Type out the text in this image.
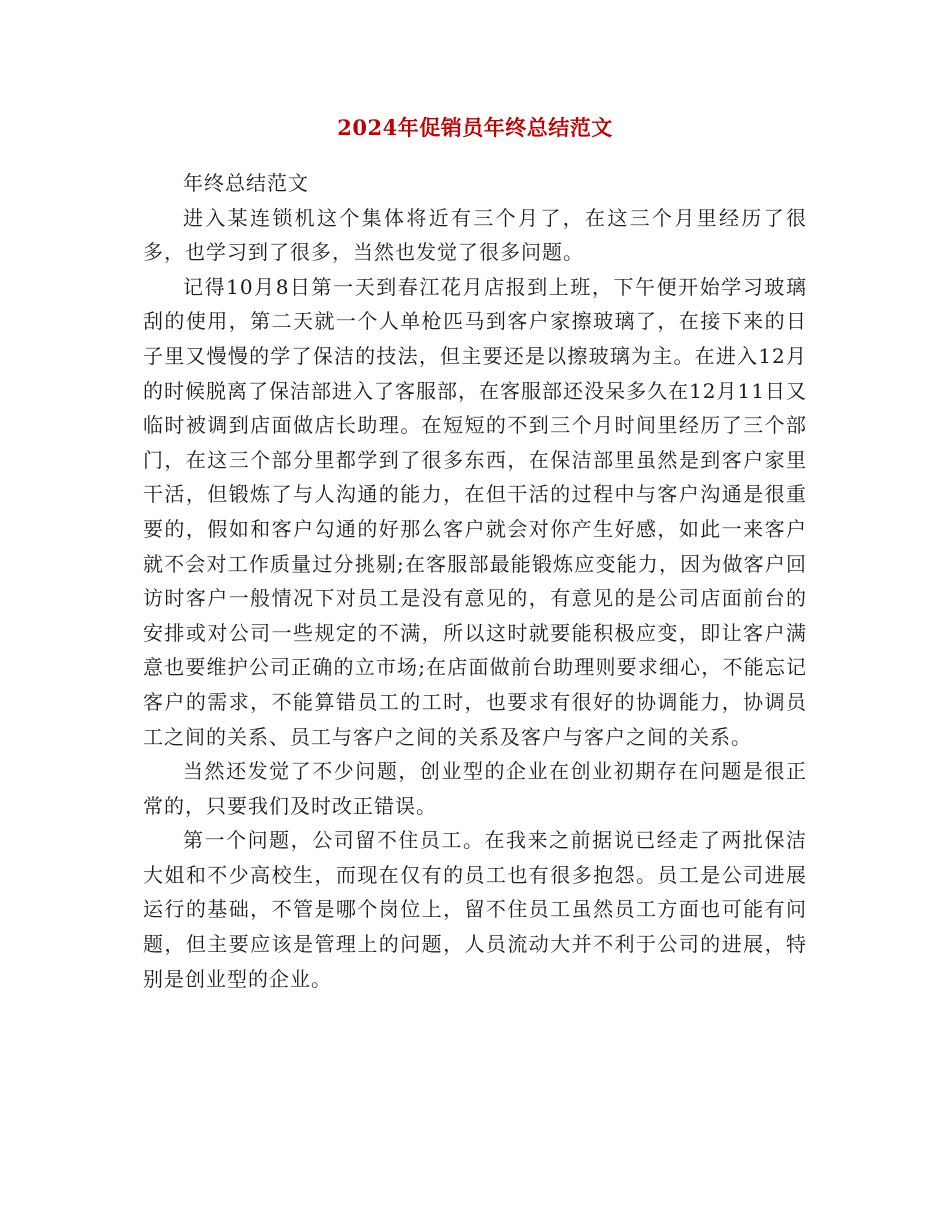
2024年促销员年终总结范文

年终总结范文

进入某连锁机这个集体将近有三个月了，在这三个月里经历了很多，也学习到了很多，当然也发觉了很多问题。

记得10月8日第一天到春江花月店报到上班，下午便开始学习玻璃刮的使用，第二天就一个人单枪匹马到客户家擦玻璃了，在接下来的日子里又慢慢的学了保洁的技法，但主要还是以擦玻璃为主。在进入12月的时候脱离了保洁部进入了客服部，在客服部还没呆多久在12月11日又临时被调到店面做店长助理。在短短的不到三个月时间里经历了三个部门，在这三个部分里都学到了很多东西，在保洁部里虽然是到客户家里干活，但锻炼了与人沟通的能力，在但干活的过程中与客户沟通是很重要的，假如和客户勾通的好那么客户就会对你产生好感，如此一来客户就不会对工作质量过分挑剔;在客服部最能锻炼应变能力，因为做客户回访时客户一般情况下对员工是没有意见的，有意见的是公司店面前台的安排或对公司一些规定的不满，所以这时就要能积极应变，即让客户满意也要维护公司正确的立市场;在店面做前台助理则要求细心，不能忘记客户的需求，不能算错员工的工时，也要求有很好的协调能力，协调员工之间的关系、员工与客户之间的关系及客户与客户之间的关系。

当然还发觉了不少问题，创业型的企业在创业初期存在问题是很正常的，只要我们及时改正错误。

第一个问题，公司留不住员工。在我来之前据说已经走了两批保洁大姐和不少高校生，而现在仅有的员工也有很多抱怨。员工是公司进展运行的基础，不管是哪个岗位上，留不住员工虽然员工方面也可能有问题，但主要应该是管理上的问题，人员流动大并不利于公司的进展，特别是创业型的企业。
